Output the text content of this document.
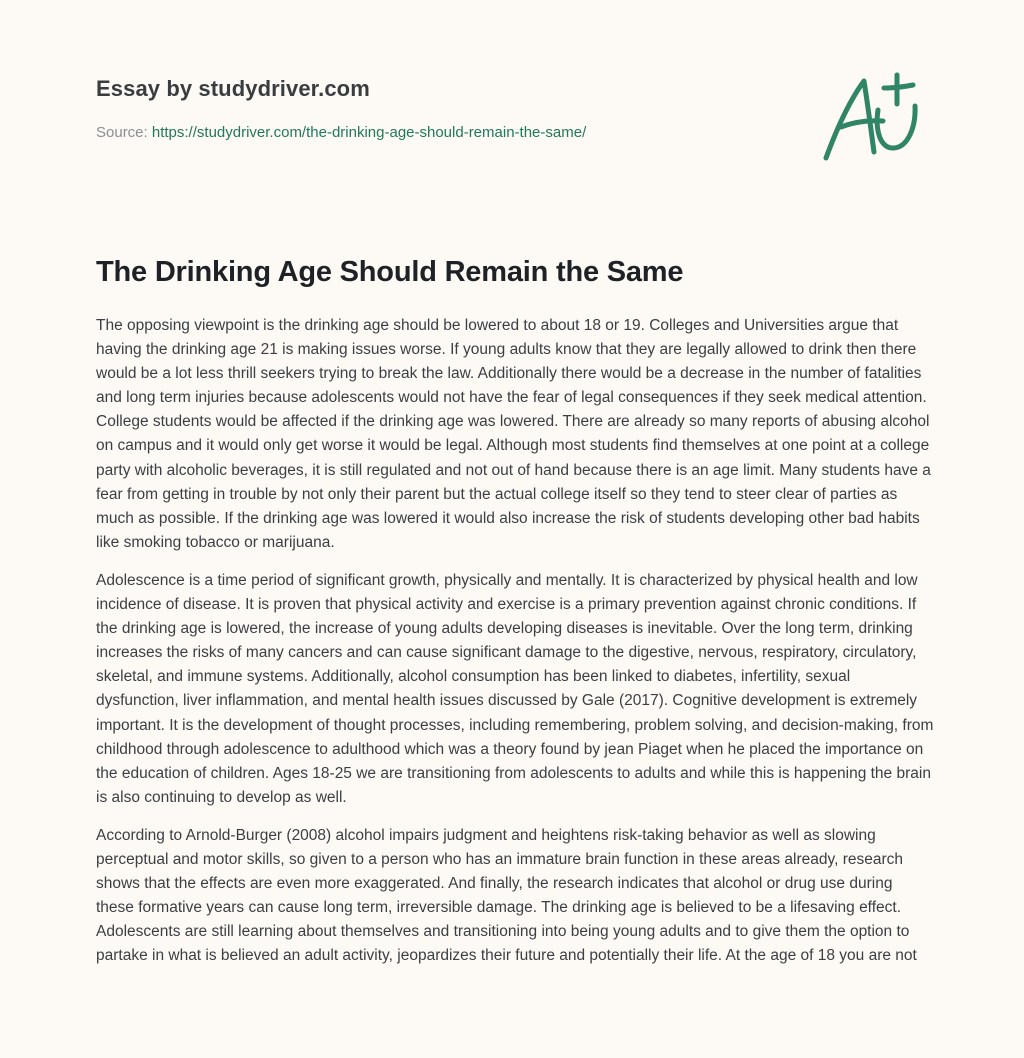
Essay by studydriver.com
Source: https://studydriver.com/the-drinking-age-should-remain-the-same/
The Drinking Age Should Remain the Same

The opposing viewpoint is the drinking age should be lowered to about 18 or 19. Colleges and Universities argue that having the drinking age 21 is making issues worse. If young adults know that they are legally allowed to drink then there would be a lot less thrill seekers trying to break the law. Additionally there would be a decrease in the number of fatalities and long term injuries because adolescents would not have the fear of legal consequences if they seek medical attention. College students would be affected if the drinking age was lowered. There are already so many reports of abusing alcohol on campus and it would only get worse it would be legal. Although most students find themselves at one point at a college party with alcoholic beverages, it is still regulated and not out of hand because there is an age limit. Many students have a fear from getting in trouble by not only their parent but the actual college itself so they tend to steer clear of parties as much as possible. If the drinking age was lowered it would also increase the risk of students developing other bad habits like smoking tobacco or marijuana.

Adolescence is a time period of significant growth, physically and mentally. It is characterized by physical health and low incidence of disease. It is proven that physical activity and exercise is a primary prevention against chronic conditions. If the drinking age is lowered, the increase of young adults developing diseases is inevitable. Over the long term, drinking increases the risks of many cancers and can cause significant damage to the digestive, nervous, respiratory, circulatory, skeletal, and immune systems. Additionally, alcohol consumption has been linked to diabetes, infertility, sexual dysfunction, liver inflammation, and mental health issues discussed by Gale (2017). Cognitive development is extremely important. It is the development of thought processes, including remembering, problem solving, and decision-making, from childhood through adolescence to adulthood which was a theory found by jean Piaget when he placed the importance on the education of children. Ages 18-25 we are transitioning from adolescents to adults and while this is happening the brain is also continuing to develop as well.

According to Arnold-Burger (2008) alcohol impairs judgment and heightens risk-taking behavior as well as slowing perceptual and motor skills, so given to a person who has an immature brain function in these areas already, research shows that the effects are even more exaggerated. And finally, the research indicates that alcohol or drug use during these formative years can cause long term, irreversible damage. The drinking age is believed to be a lifesaving effect. Adolescents are still learning about themselves and transitioning into being young adults and to give them the option to partake in what is believed an adult activity, jeopardizes their future and potentially their life. At the age of 18 you are not
